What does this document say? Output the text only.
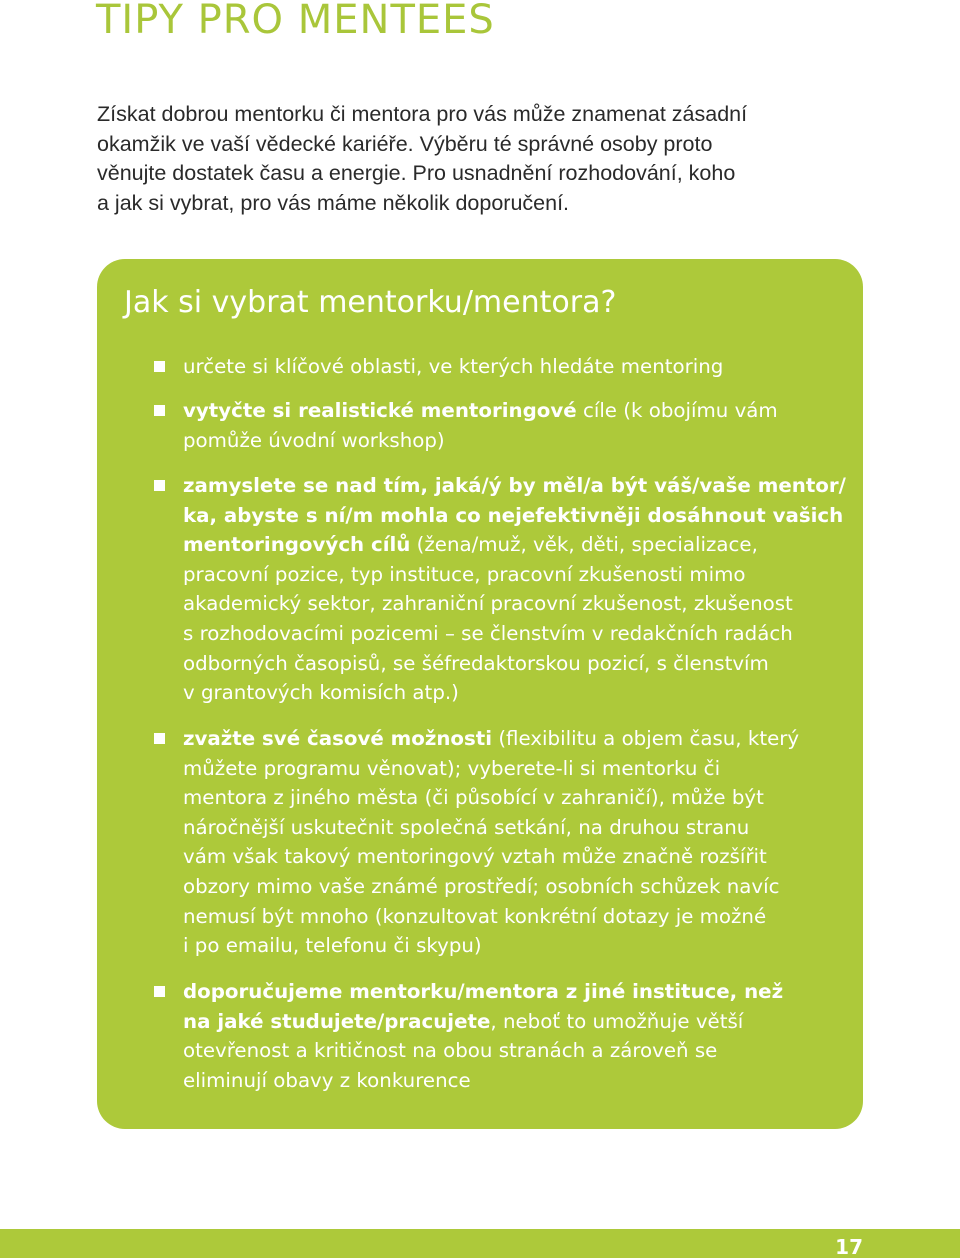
TIPY PRO MENTEES

Získat dobrou mentorku či mentora pro vás může znamenat zásadní
okamžik ve vaší vědecké kariéře. Výběru té správné osoby proto
věnujte dostatek času a energie. Pro usnadnění rozhodování, koho
a jak si vybrat, pro vás máme několik doporučení.

Jak si vybrat mentorku/mentora?
určete si klíčové oblasti, ve kterých hledáte mentoring
vytyčte si realistické mentoringové cíle (k obojímu vám
pomůže úvodní workshop)
zamyslete se nad tím, jaká/ý by měl/a být váš/vaše mentor/
ka, abyste s ní/m mohla co nejefektivněji dosáhnout vašich
mentoringových cílů (žena/muž, věk, děti, specializace,
pracovní pozice, typ instituce, pracovní zkušenosti mimo
akademický sektor, zahraniční pracovní zkušenost, zkušenost
s rozhodovacími pozicemi – se členstvím v redakčních radách
odborných časopisů, se šéfredaktorskou pozicí, s členstvím
v grantových komisích atp.)
zvažte své časové možnosti (flexibilitu a objem času, který
můžete programu věnovat); vyberete-li si mentorku či
mentora z jiného města (či působící v zahraničí), může být
náročnější uskutečnit společná setkání, na druhou stranu
vám však takový mentoringový vztah může značně rozšířit
obzory mimo vaše známé prostředí; osobních schůzek navíc
nemusí být mnoho (konzultovat konkrétní dotazy je možné
i po emailu, telefonu či skypu)
doporučujeme mentorku/mentora z jiné instituce, než
na jaké studujete/pracujete, neboť to umožňuje větší
otevřenost a kritičnost na obou stranách a zároveň se
eliminují obavy z konkurence
17
